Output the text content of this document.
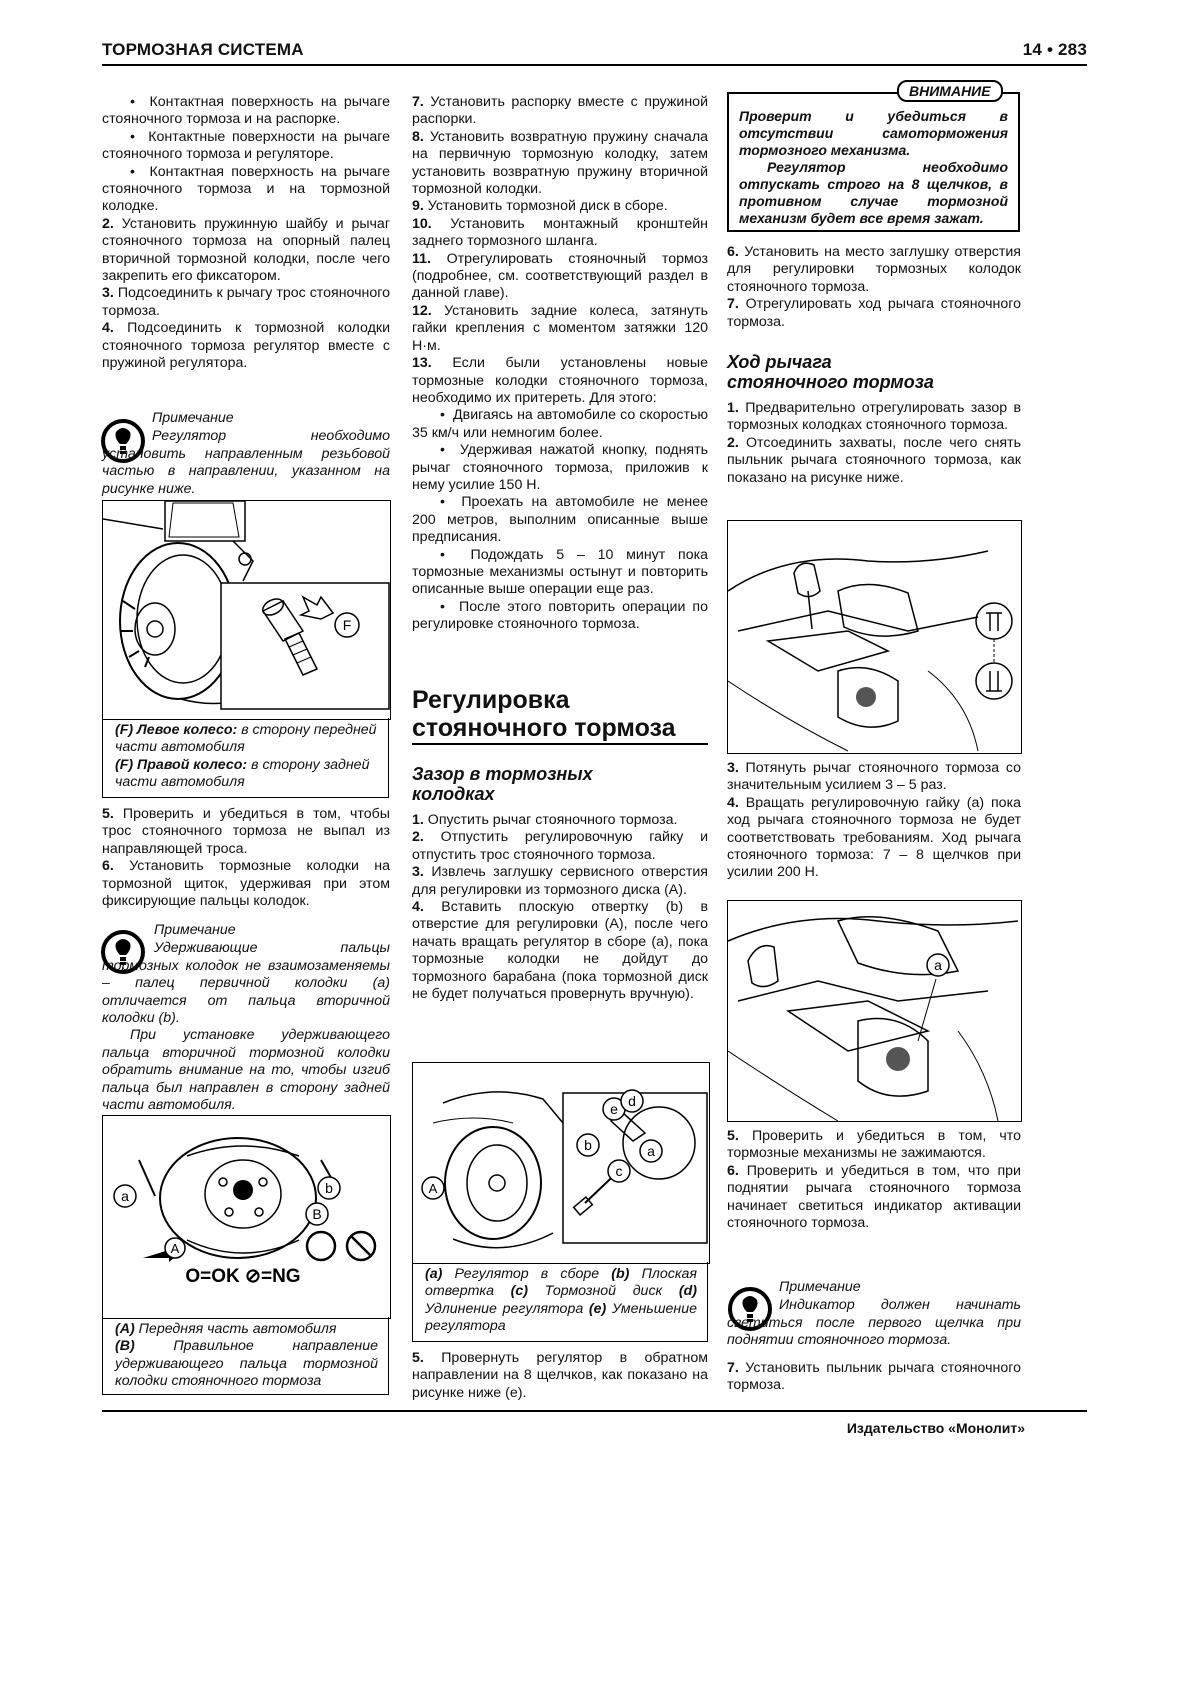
ТОРМОЗНАЯ СИСТЕМА	14 • 283

•  Контактная поверхность на рычаге стояночного тормоза и на распорке.

•  Контактные поверхности на рычаге стояночного тормоза и регуляторе.

•  Контактная поверхность на рычаге стояночного тормоза и на тормозной колодке.

2. Установить пружинную шайбу и рычаг стояночного тормоза на опорный палец вторичной тормозной колодки, после чего закрепить его фиксатором.

3. Подсоединить к рычагу трос стояночного тормоза.

4. Подсоединить к тормозной колодки стояночного тормоза регулятор вместе с пружиной регулятора.

Примечание

Регулятор необходимо установить направленным резьбовой частью в направлении, указанном на рисунке ниже.

F

(F) Левое колесо: в сторону передней части автомобиля

(F) Правой колесо: в сторону задней части автомобиля

5. Проверить и убедиться в том, чтобы трос стояночного тормоза не выпал из направляющей троса.

6. Установить тормозные колодки на тормозной щиток, удерживая при этом фиксирующие пальцы колодок.

Примечание

Удерживающие пальцы тормозных колодок не взаимозаменяемы – палец первичной колодки (а) отличается от пальца вторичной колодки (b).

При установке удерживающего пальца вторичной тормозной колодки обратить внимание на то, чтобы изгиб пальца был направлен в сторону задней части автомобиля.

a	b
B
A
O=OK ⊘=NG

(A) Передняя часть автомобиля

(B) Правильное направление удерживающего пальца тормозной колодки стояночного тормоза

7. Установить распорку вместе с пружиной распорки.

8. Установить возвратную пружину сначала на первичную тормозную колодку, затем установить возвратную пружину вторичной тормозной колодки.

9. Установить тормозной диск в сборе.

10. Установить монтажный кронштейн заднего тормозного шланга.

11. Отрегулировать стояночный тормоз (подробнее, см. соответствующий раздел в данной главе).

12. Установить задние колеса, затянуть гайки крепления с моментом затяжки 120 Н·м.

13. Если были установлены новые тормозные колодки стояночного тормоза, необходимо их притереть. Для этого:

•  Двигаясь на автомобиле со скоростью 35 км/ч или немногим более.

•  Удерживая нажатой кнопку, поднять рычаг стояночного тормоза, приложив к нему усилие 150 Н.

•  Проехать на автомобиле не менее 200 метров, выполним описанные выше предписания.

•  Подождать 5 – 10 минут пока тормозные механизмы остынут и повторить описанные выше операции еще раз.

•  После этого повторить операции по регулировке стояночного тормоза.

Регулировка
стояночного тормоза
Зазор в тормозных колодках

1. Опустить рычаг стояночного тормоза.

2. Отпустить регулировочную гайку и отпустить трос стояночного тормоза.

3. Извлечь заглушку сервисного отверстия для регулировки из тормозного диска (А).

4. Вставить плоскую отвертку (b) в отверстие для регулировки (А), после чего начать вращать регулятор в сборе (а), пока тормозные колодки не дойдут до тормозного барабана (пока тормозной диск не будет получаться провернуть вручную).

e d
b	a
c
A

(a) Регулятор в сборе (b) Плоская отвертка (c) Тормозной диск (d) Удлинение регулятора (e) Уменьшение регулятора

5. Провернуть регулятор в обратном направлении на 8 щелчков, как показано на рисунке ниже (е).

Проверит и убедиться в отсутствии самоторможения тормозного механизма.

Регулятор необходимо отпускать строго на 8 щелчков, в противном случае тормозной механизм будет все время зажат.

ВНИМАНИЕ

6. Установить на место заглушку отверстия для регулировки тормозных колодок стояночного тормоза.

7. Отрегулировать ход рычага стояночного тормоза.

Ход рычага стояночного тормоза

1. Предварительно отрегулировать зазор в тормозных колодках стояночного тормоза.

2. Отсоединить захваты, после чего снять пыльник рычага стояночного тормоза, как показано на рисунке ниже.

3. Потянуть рычаг стояночного тормоза со значительным усилием 3 – 5 раз.

4. Вращать регулировочную гайку (а) пока ход рычага стояночного тормоза не будет соответствовать требованиям. Ход рычага стояночного тормоза: 7 – 8 щелчков при усилии 200 Н.

a

5. Проверить и убедиться в том, что тормозные механизмы не зажимаются.

6. Проверить и убедиться в том, что при поднятии рычага стояночного тормоза начинает светиться индикатор активации стояночного тормоза.

Примечание

Индикатор должен начинать светиться после первого щелчка при поднятии стояночного тормоза.

7. Установить пыльник рычага стояночного тормоза.

Издательство «Монолит»
